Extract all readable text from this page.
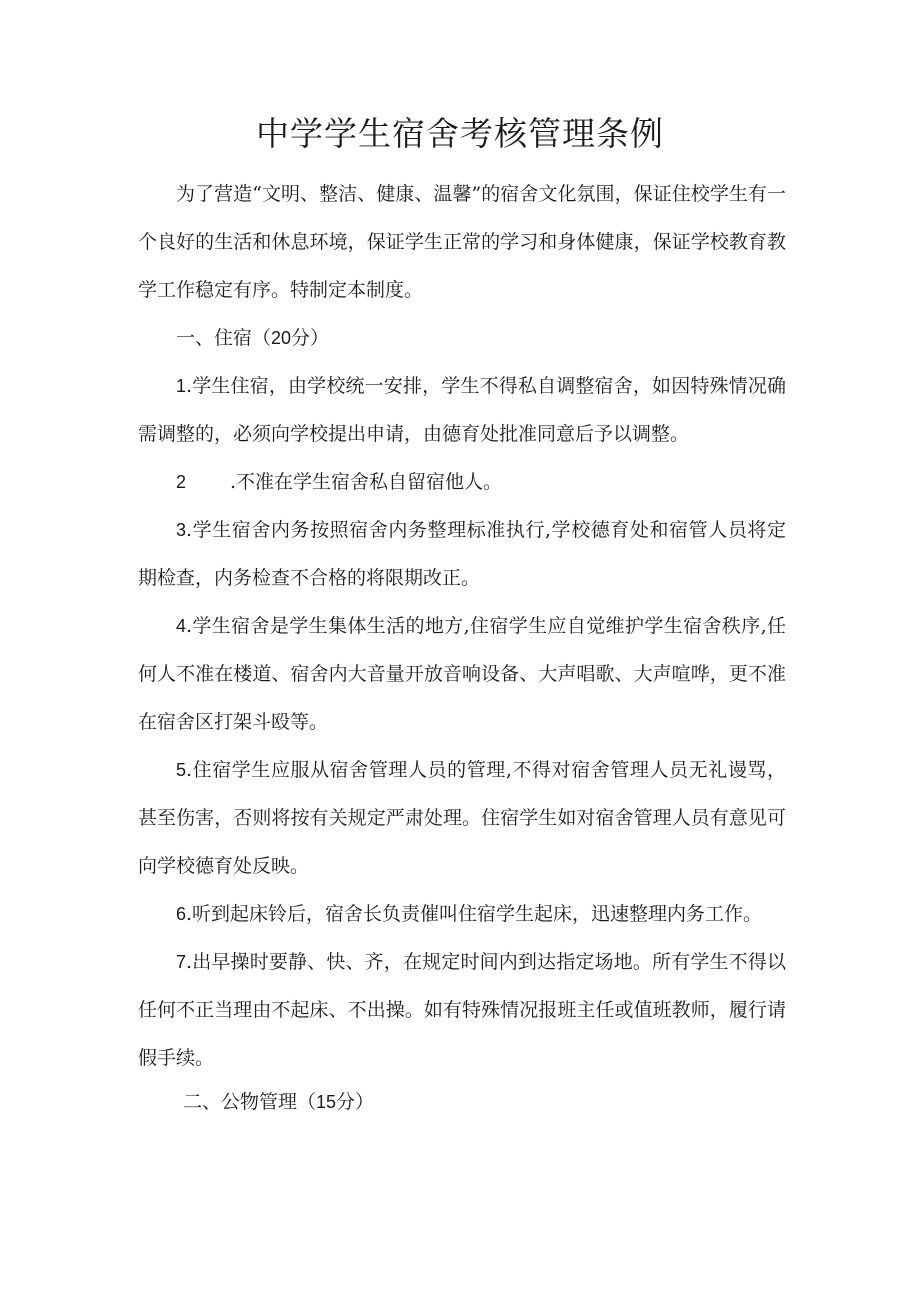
中学学生宿舍考核管理条例

为了营造“文明、整洁、健康、温馨”的宿舍文化氛围，保证住校学生有一个良好的生活和休息环境，保证学生正常的学习和身体健康，保证学校教育教学工作稳定有序。特制定本制度。

一、住宿（20分）

1.学生住宿，由学校统一安排，学生不得私自调整宿舍，如因特殊情况确需调整的，必须向学校提出申请，由德育处批准同意后予以调整。

2 .不准在学生宿舍私自留宿他人。

3.学生宿舍内务按照宿舍内务整理标准执行,学校德育处和宿管人员将定期检查，内务检查不合格的将限期改正。

4.学生宿舍是学生集体生活的地方,住宿学生应自觉维护学生宿舍秩序,任何人不准在楼道、宿舍内大音量开放音响设备、大声唱歌、大声喧哗，更不准在宿舍区打架斗殴等。

5.住宿学生应服从宿舍管理人员的管理,不得对宿舍管理人员无礼谩骂，甚至伤害，否则将按有关规定严肃处理。住宿学生如对宿舍管理人员有意见可向学校德育处反映。

6.听到起床铃后，宿舍长负责催叫住宿学生起床，迅速整理内务工作。

7.出早操时要静、快、齐，在规定时间内到达指定场地。所有学生不得以任何不正当理由不起床、不出操。如有特殊情况报班主任或值班教师，履行请假手续。

二、公物管理（15分）
